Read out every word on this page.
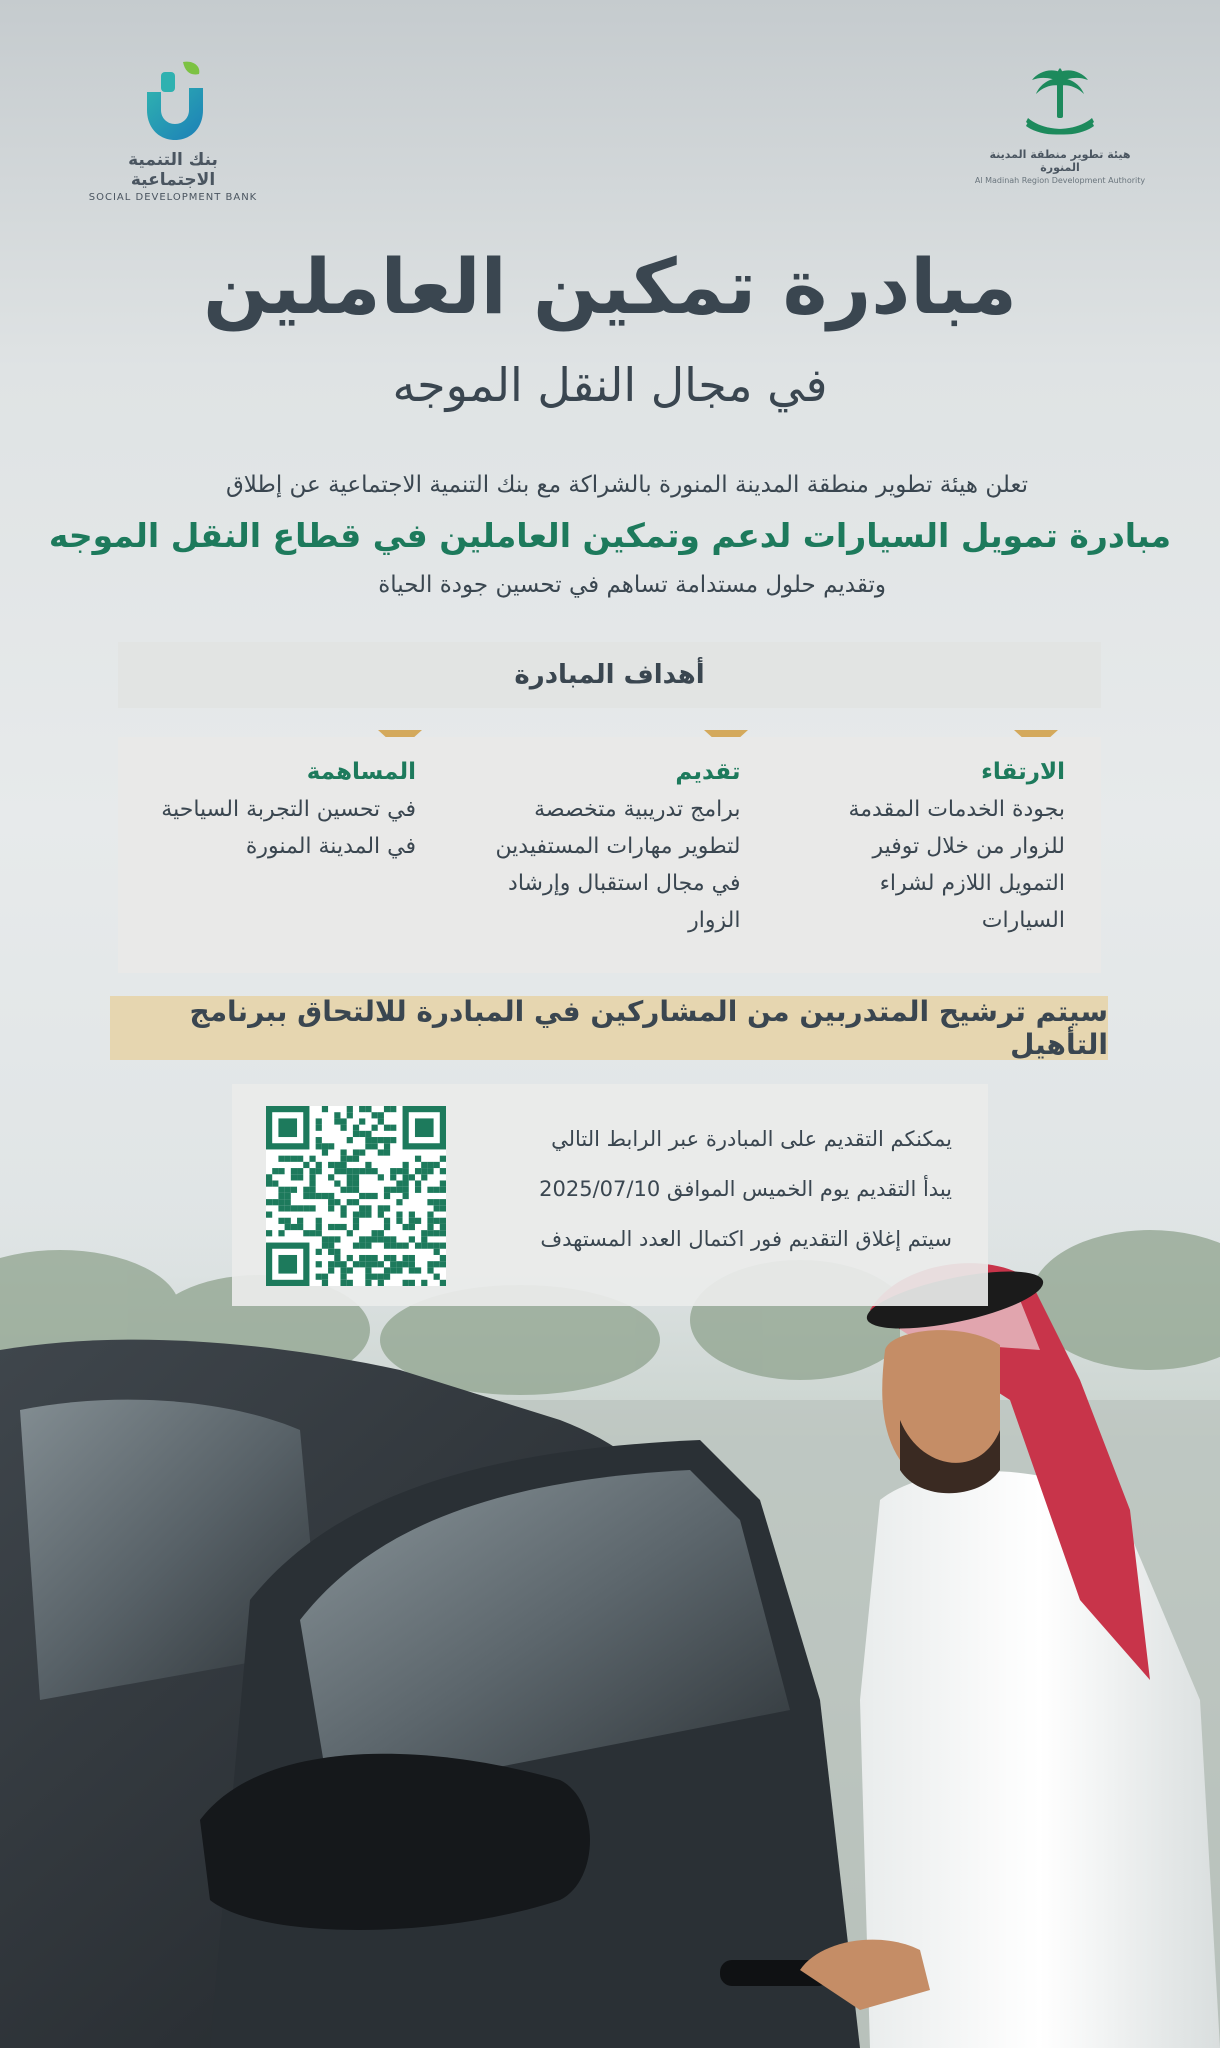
بنك التنمية الاجتماعية
SOCIAL DEVELOPMENT BANK
هيئة تطوير منطقة المدينة المنورة
Al Madinah Region Development Authority
مبادرة تمكين العاملين
في مجال النقل الموجه
تعلن هيئة تطوير منطقة المدينة المنورة بالشراكة مع بنك التنمية الاجتماعية عن إطلاق
مبادرة تمويل السيارات لدعم وتمكين العاملين في قطاع النقل الموجه
وتقديم حلول مستدامة تساهم في تحسين جودة الحياة
أهداف المبادرة
الارتقاء

بجودة الخدمات المقدمة للزوار من خلال توفير التمويل اللازم لشراء السيارات

تقديم

برامج تدريبية متخصصة لتطوير مهارات المستفيدين في مجال استقبال وإرشاد الزوار

المساهمة

في تحسين التجربة السياحية في المدينة المنورة

سيتم ترشيح المتدربين من المشاركين في المبادرة للالتحاق ببرنامج التأهيل
يمكنكم التقديم على المبادرة عبر الرابط التالي
يبدأ التقديم يوم الخميس الموافق 2025/07/10
سيتم إغلاق التقديم فور اكتمال العدد المستهدف
